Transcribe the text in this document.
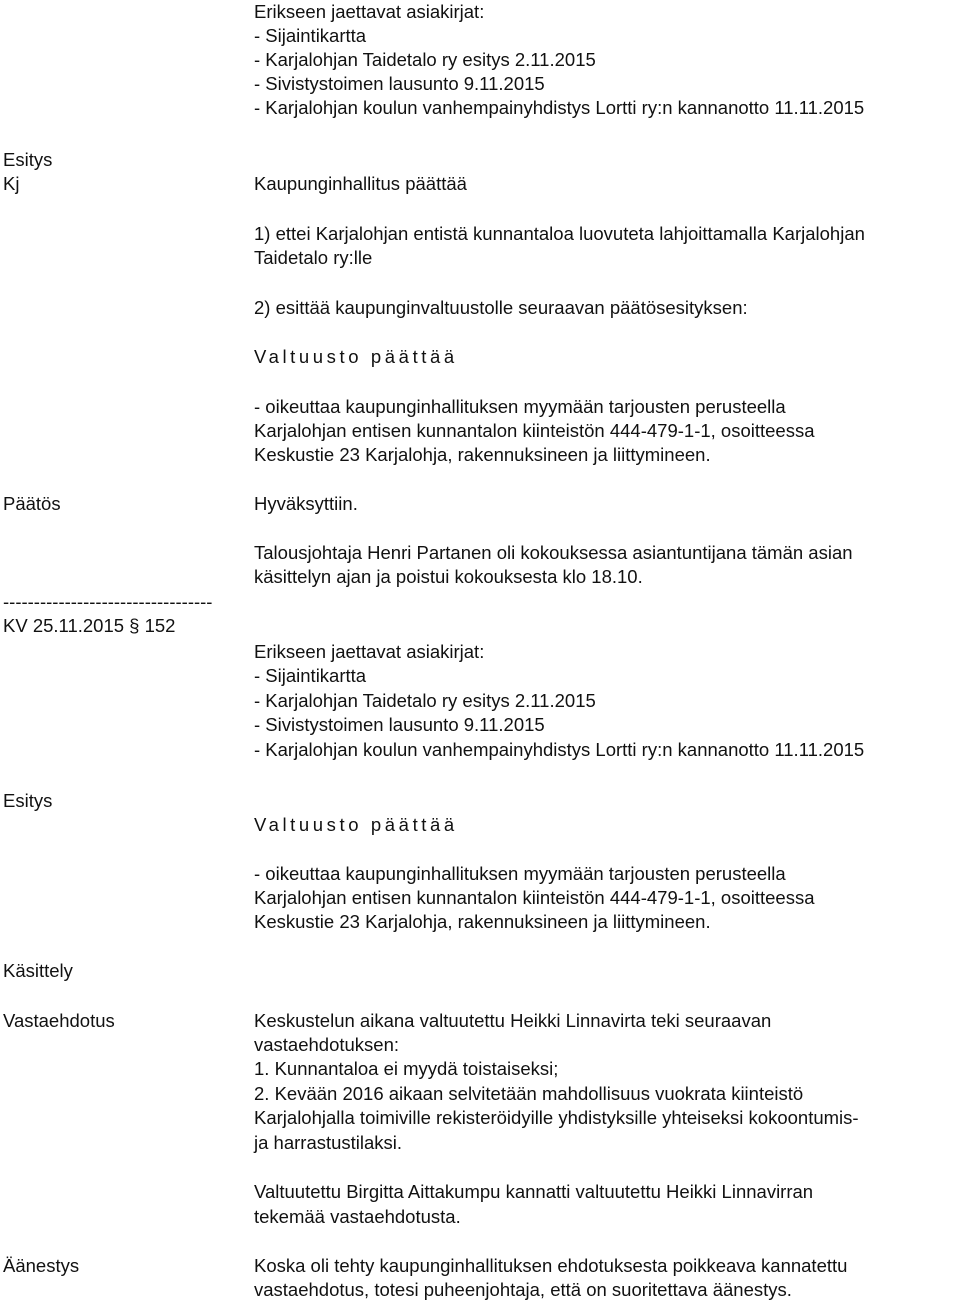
Erikseen jaettavat asiakirjat:

- Sijaintikartta

- Karjalohjan Taidetalo ry esitys 2.11.2015

- Sivistystoimen lausunto 9.11.2015

- Karjalohjan koulun vanhempainyhdistys Lortti ry:n kannanotto 11.11.2015

Esitys

Kj	Kaupunginhallitus päättää

1) ettei Karjalohjan entistä kunnantaloa luovuteta lahjoittamalla Karjalohjan

Taidetalo ry:lle

2) esittää kaupunginvaltuustolle seuraavan päätösesityksen:

Valtuusto päättää

- oikeuttaa kaupunginhallituksen myymään tarjousten perusteella

Karjalohjan entisen kunnantalon kiinteistön 444-479-1-1, osoitteessa

Keskustie 23 Karjalohja, rakennuksineen ja liittymineen.

Päätös	Hyväksyttiin.

Talousjohtaja Henri Partanen oli kokouksessa asiantuntijana tämän asian

käsittelyn ajan ja poistui kokouksesta klo 18.10.

----------------------------------

KV 25.11.2015 § 152

Erikseen jaettavat asiakirjat:

- Sijaintikartta

- Karjalohjan Taidetalo ry esitys 2.11.2015

- Sivistystoimen lausunto 9.11.2015

- Karjalohjan koulun vanhempainyhdistys Lortti ry:n kannanotto 11.11.2015

Esitys

Valtuusto päättää

- oikeuttaa kaupunginhallituksen myymään tarjousten perusteella

Karjalohjan entisen kunnantalon kiinteistön 444-479-1-1, osoitteessa

Keskustie 23 Karjalohja, rakennuksineen ja liittymineen.

Käsittely

Vastaehdotus	Keskustelun aikana valtuutettu Heikki Linnavirta teki seuraavan

vastaehdotuksen:

1. Kunnantaloa ei myydä toistaiseksi;

2. Kevään 2016 aikaan selvitetään mahdollisuus vuokrata kiinteistö

Karjalohjalla toimiville rekisteröidyille yhdistyksille yhteiseksi kokoontumis-

ja harrastustilaksi.

Valtuutettu Birgitta Aittakumpu kannatti valtuutettu Heikki Linnavirran

tekemää vastaehdotusta.

Äänestys	Koska oli tehty kaupunginhallituksen ehdotuksesta poikkeava kannatettu

vastaehdotus, totesi puheenjohtaja, että on suoritettava äänestys.
